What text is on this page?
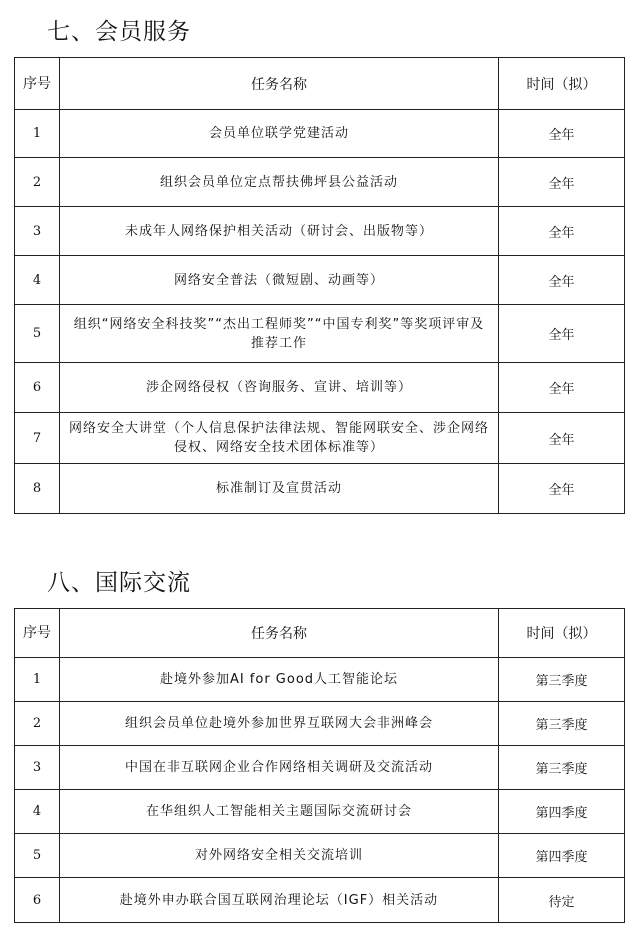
七、会员服务
序号	任务名称	时间（拟）
1	会员单位联学党建活动	全年
2	组织会员单位定点帮扶佛坪县公益活动	全年
3	未成年人网络保护相关活动（研讨会、出版物等）	全年
4	网络安全普法（微短剧、动画等）	全年
5	组织“网络安全科技奖”“杰出工程师奖”“中国专利奖”等奖项评审及推荐工作	全年
6	涉企网络侵权（咨询服务、宣讲、培训等）	全年
7	网络安全大讲堂（个人信息保护法律法规、智能网联安全、涉企网络侵权、网络安全技术团体标准等）	全年
8	标准制订及宣贯活动	全年
八、国际交流
序号	任务名称	时间（拟）
1	赴境外参加AI for Good人工智能论坛	第三季度
2	组织会员单位赴境外参加世界互联网大会非洲峰会	第三季度
3	中国在非互联网企业合作网络相关调研及交流活动	第三季度
4	在华组织人工智能相关主题国际交流研讨会	第四季度
5	对外网络安全相关交流培训	第四季度
6	赴境外申办联合国互联网治理论坛（IGF）相关活动	待定
